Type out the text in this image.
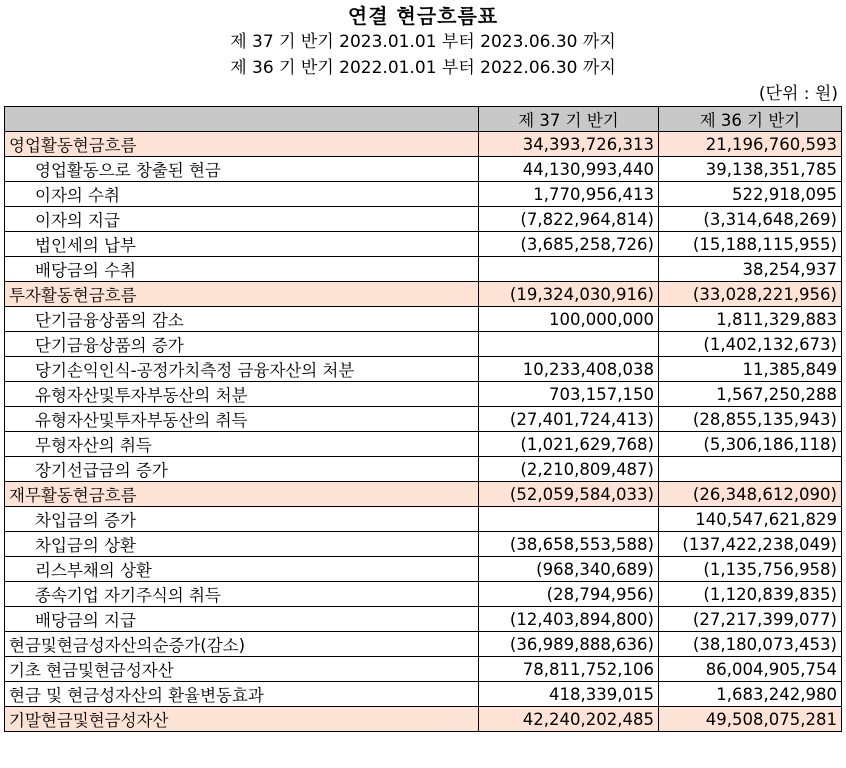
연결 현금흐름표
제 37 기 반기 2023.01.01 부터 2023.06.30 까지
제 36 기 반기 2022.01.01 부터 2022.06.30 까지
(단위 : 원)
	제 37 기 반기	제 36 기 반기
영업활동현금흐름	34,393,726,313	21,196,760,593
영업활동으로 창출된 현금	44,130,993,440	39,138,351,785
이자의 수취	1,770,956,413	522,918,095
이자의 지급	(7,822,964,814)	(3,314,648,269)
법인세의 납부	(3,685,258,726)	(15,188,115,955)
배당금의 수취		38,254,937
투자활동현금흐름	(19,324,030,916)	(33,028,221,956)
단기금융상품의 감소	100,000,000	1,811,329,883
단기금융상품의 증가		(1,402,132,673)
당기손익인식-공정가치측정 금융자산의 처분	10,233,408,038	11,385,849
유형자산및투자부동산의 처분	703,157,150	1,567,250,288
유형자산및투자부동산의 취득	(27,401,724,413)	(28,855,135,943)
무형자산의 취득	(1,021,629,768)	(5,306,186,118)
장기선급금의 증가	(2,210,809,487)	
재무활동현금흐름	(52,059,584,033)	(26,348,612,090)
차입금의 증가		140,547,621,829
차입금의 상환	(38,658,553,588)	(137,422,238,049)
리스부채의 상환	(968,340,689)	(1,135,756,958)
종속기업 자기주식의 취득	(28,794,956)	(1,120,839,835)
배당금의 지급	(12,403,894,800)	(27,217,399,077)
현금및현금성자산의순증가(감소)	(36,989,888,636)	(38,180,073,453)
기초 현금및현금성자산	78,811,752,106	86,004,905,754
현금 및 현금성자산의 환율변동효과	418,339,015	1,683,242,980
기말현금및현금성자산	42,240,202,485	49,508,075,281
